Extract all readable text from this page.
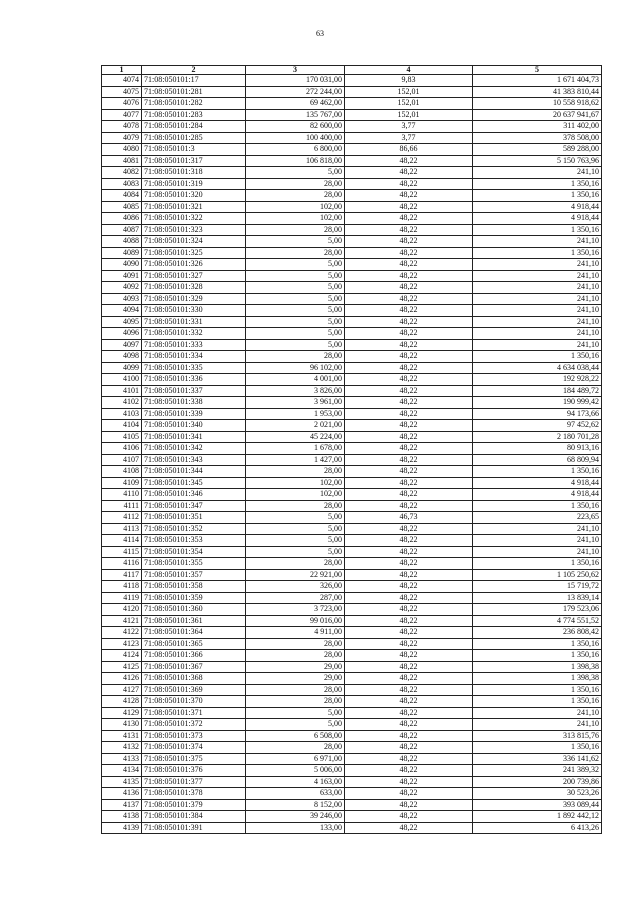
63
1	2	3	4	5
4074	71:08:050101:17	170 031,00	9,83	1 671 404,73
4075	71:08:050101:281	272 244,00	152,01	41 383 810,44
4076	71:08:050101:282	69 462,00	152,01	10 558 918,62
4077	71:08:050101:283	135 767,00	152,01	20 637 941,67
4078	71:08:050101:284	82 600,00	3,77	311 402,00
4079	71:08:050101:285	100 400,00	3,77	378 508,00
4080	71:08:050101:3	6 800,00	86,66	589 288,00
4081	71:08:050101:317	106 818,00	48,22	5 150 763,96
4082	71:08:050101:318	5,00	48,22	241,10
4083	71:08:050101:319	28,00	48,22	1 350,16
4084	71:08:050101:320	28,00	48,22	1 350,16
4085	71:08:050101:321	102,00	48,22	4 918,44
4086	71:08:050101:322	102,00	48,22	4 918,44
4087	71:08:050101:323	28,00	48,22	1 350,16
4088	71:08:050101:324	5,00	48,22	241,10
4089	71:08:050101:325	28,00	48,22	1 350,16
4090	71:08:050101:326	5,00	48,22	241,10
4091	71:08:050101:327	5,00	48,22	241,10
4092	71:08:050101:328	5,00	48,22	241,10
4093	71:08:050101:329	5,00	48,22	241,10
4094	71:08:050101:330	5,00	48,22	241,10
4095	71:08:050101:331	5,00	48,22	241,10
4096	71:08:050101:332	5,00	48,22	241,10
4097	71:08:050101:333	5,00	48,22	241,10
4098	71:08:050101:334	28,00	48,22	1 350,16
4099	71:08:050101:335	96 102,00	48,22	4 634 038,44
4100	71:08:050101:336	4 001,00	48,22	192 928,22
4101	71:08:050101:337	3 826,00	48,22	184 489,72
4102	71:08:050101:338	3 961,00	48,22	190 999,42
4103	71:08:050101:339	1 953,00	48,22	94 173,66
4104	71:08:050101:340	2 021,00	48,22	97 452,62
4105	71:08:050101:341	45 224,00	48,22	2 180 701,28
4106	71:08:050101:342	1 678,00	48,22	80 913,16
4107	71:08:050101:343	1 427,00	48,22	68 809,94
4108	71:08:050101:344	28,00	48,22	1 350,16
4109	71:08:050101:345	102,00	48,22	4 918,44
4110	71:08:050101:346	102,00	48,22	4 918,44
4111	71:08:050101:347	28,00	48,22	1 350,16
4112	71:08:050101:351	5,00	46,73	223,65
4113	71:08:050101:352	5,00	48,22	241,10
4114	71:08:050101:353	5,00	48,22	241,10
4115	71:08:050101:354	5,00	48,22	241,10
4116	71:08:050101:355	28,00	48,22	1 350,16
4117	71:08:050101:357	22 921,00	48,22	1 105 250,62
4118	71:08:050101:358	326,00	48,22	15 719,72
4119	71:08:050101:359	287,00	48,22	13 839,14
4120	71:08:050101:360	3 723,00	48,22	179 523,06
4121	71:08:050101:361	99 016,00	48,22	4 774 551,52
4122	71:08:050101:364	4 911,00	48,22	236 808,42
4123	71:08:050101:365	28,00	48,22	1 350,16
4124	71:08:050101:366	28,00	48,22	1 350,16
4125	71:08:050101:367	29,00	48,22	1 398,38
4126	71:08:050101:368	29,00	48,22	1 398,38
4127	71:08:050101:369	28,00	48,22	1 350,16
4128	71:08:050101:370	28,00	48,22	1 350,16
4129	71:08:050101:371	5,00	48,22	241,10
4130	71:08:050101:372	5,00	48,22	241,10
4131	71:08:050101:373	6 508,00	48,22	313 815,76
4132	71:08:050101:374	28,00	48,22	1 350,16
4133	71:08:050101:375	6 971,00	48,22	336 141,62
4134	71:08:050101:376	5 006,00	48,22	241 389,32
4135	71:08:050101:377	4 163,00	48,22	200 739,86
4136	71:08:050101:378	633,00	48,22	30 523,26
4137	71:08:050101:379	8 152,00	48,22	393 089,44
4138	71:08:050101:384	39 246,00	48,22	1 892 442,12
4139	71:08:050101:391	133,00	48,22	6 413,26
